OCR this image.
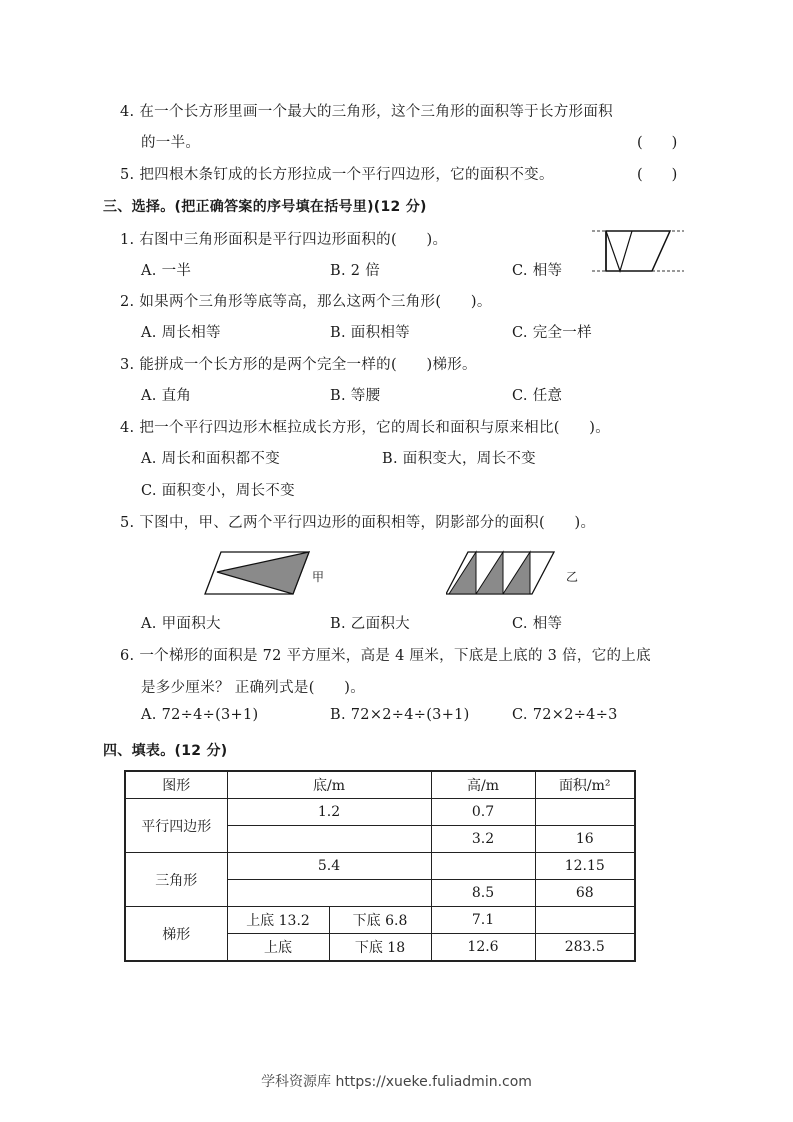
4. 在一个长方形里画一个最大的三角形，这个三角形的面积等于长方形面积
的一半。	(　　)
5. 把四根木条钉成的长方形拉成一个平行四边形，它的面积不变。	(　　)
三、选择。(把正确答案的序号填在括号里)(12 分)
1. 右图中三角形面积是平行四边形面积的(　　)。
A. 一半	B. 2 倍	C. 相等
2. 如果两个三角形等底等高，那么这两个三角形(　　)。
A. 周长相等	B. 面积相等	C. 完全一样
3. 能拼成一个长方形的是两个完全一样的(　　)梯形。
A. 直角	B. 等腰	C. 任意
4. 把一个平行四边形木框拉成长方形，它的周长和面积与原来相比(　　)。
A. 周长和面积都不变	B. 面积变大，周长不变
C. 面积变小，周长不变
5. 下图中，甲、乙两个平行四边形的面积相等，阴影部分的面积(　　)。
甲	乙
A. 甲面积大	B. 乙面积大	C. 相等
6. 一个梯形的面积是 72 平方厘米，高是 4 厘米，下底是上底的 3 倍，它的上底
是多少厘米？ 正确列式是(　　)。
A. 72÷4÷(3+1)	B. 72×2÷4÷(3+1)	C. 72×2÷4÷3
四、填表。(12 分)
图形	底/m		高/m	面积/m²
平行四边形	1.2		0.7	
			3.2	16
三角形	5.4			12.15
			8.5	68
梯形	上底 13.2	下底 6.8	7.1	
	上底	下底 18	12.6	283.5
学科资源库 https://xueke.fuliadmin.com
